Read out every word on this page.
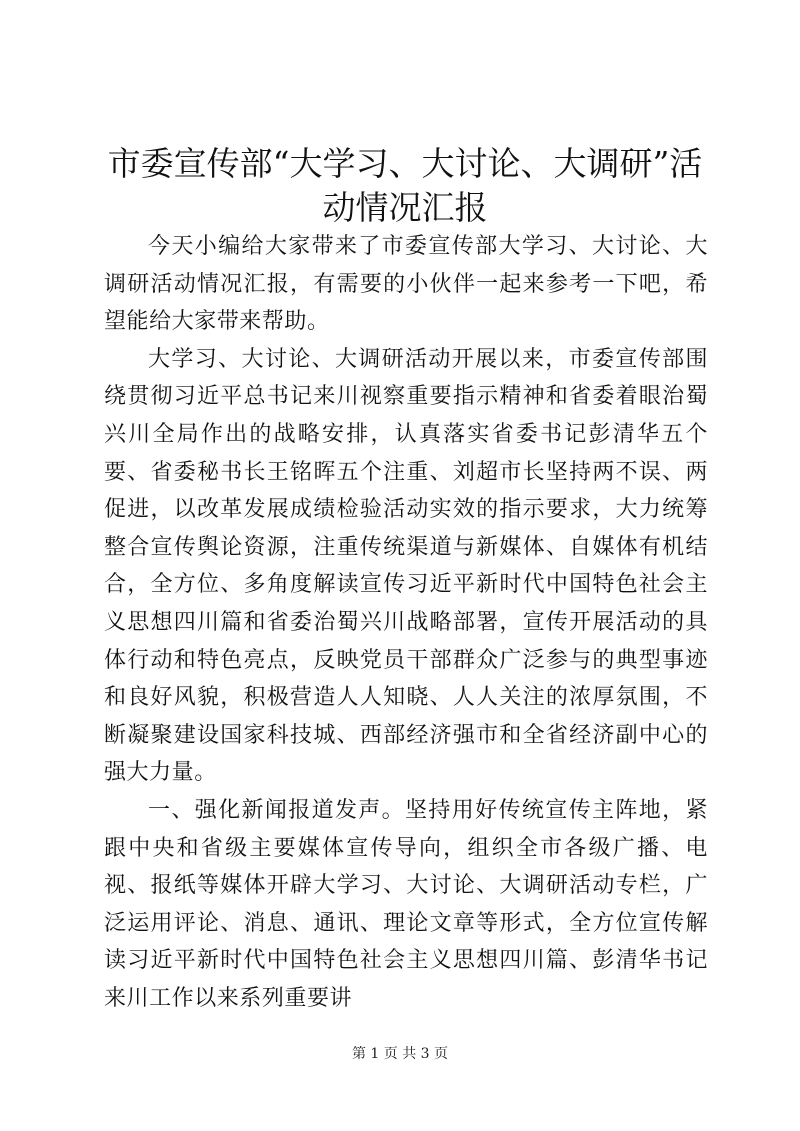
市委宣传部“大学习、大讨论、大调研”活动情况汇报

今天小编给大家带来了市委宣传部大学习、大讨论、大调研活动情况汇报，有需要的小伙伴一起来参考一下吧，希望能给大家带来帮助。

大学习、大讨论、大调研活动开展以来，市委宣传部围绕贯彻习近平总书记来川视察重要指示精神和省委着眼治蜀兴川全局作出的战略安排，认真落实省委书记彭清华五个要、省委秘书长王铭晖五个注重、刘超市长坚持两不误、两促进，以改革发展成绩检验活动实效的指示要求，大力统筹整合宣传舆论资源，注重传统渠道与新媒体、自媒体有机结合，全方位、多角度解读宣传习近平新时代中国特色社会主义思想四川篇和省委治蜀兴川战略部署，宣传开展活动的具体行动和特色亮点，反映党员干部群众广泛参与的典型事迹和良好风貌，积极营造人人知晓、人人关注的浓厚氛围，不断凝聚建设国家科技城、西部经济强市和全省经济副中心的强大力量。

一、强化新闻报道发声。坚持用好传统宣传主阵地，紧跟中央和省级主要媒体宣传导向，组织全市各级广播、电视、报纸等媒体开辟大学习、大讨论、大调研活动专栏，广泛运用评论、消息、通讯、理论文章等形式，全方位宣传解读习近平新时代中国特色社会主义思想四川篇、彭清华书记来川工作以来系列重要讲

第 1 页 共 3 页
